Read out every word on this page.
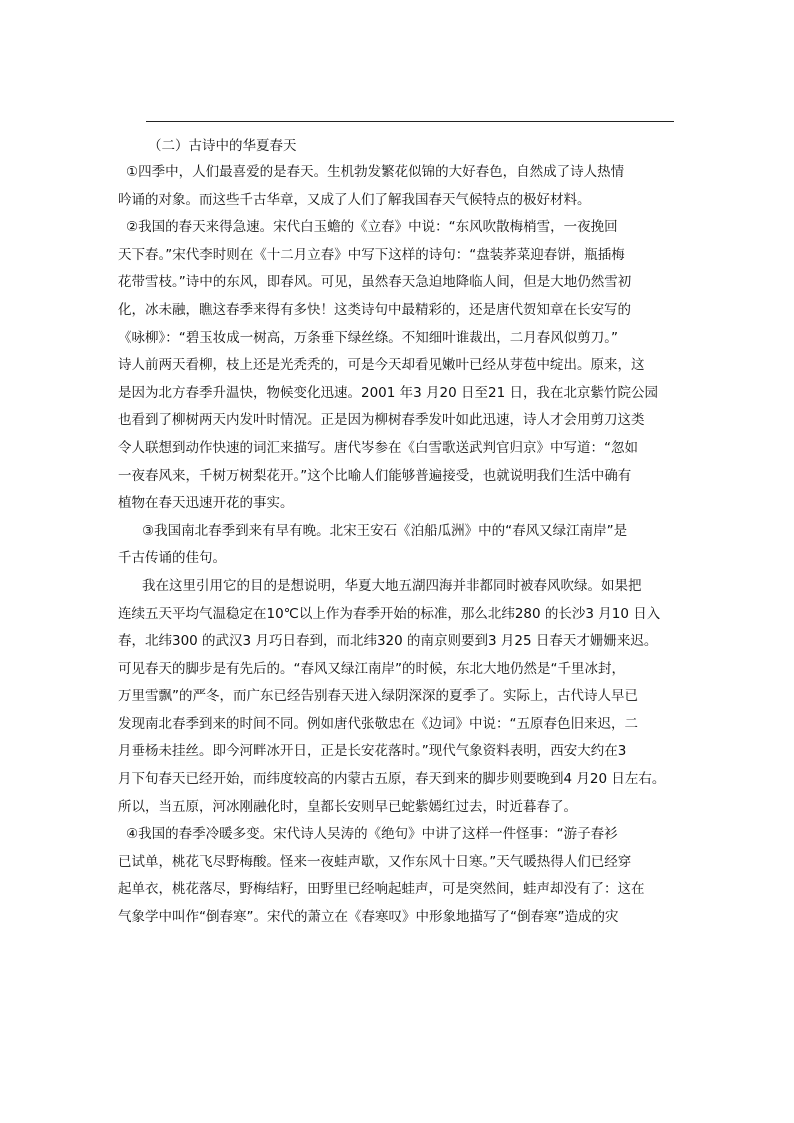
（二）古诗中的华夏春天

①四季中，人们最喜爱的是春天。生机勃发繁花似锦的大好春色，自然成了诗人热情
吟诵的对象。而这些千古华章，又成了人们了解我国春天气候特点的极好材料。

②我国的春天来得急速。宋代白玉蟾的《立春》中说：“东风吹散梅梢雪，一夜挽回
天下春。”宋代李时则在《十二月立春》中写下这样的诗句：“盘装荞菜迎春饼，瓶插梅
花带雪枝。”诗中的东风，即春风。可见，虽然春天急迫地降临人间，但是大地仍然雪初
化，冰未融，瞧这春季来得有多快！这类诗句中最精彩的，还是唐代贺知章在长安写的
《咏柳》：“碧玉妆成一树高，万条垂下绿丝绦。不知细叶谁裁出，二月春风似剪刀。”
诗人前两天看柳，枝上还是光秃秃的，可是今天却看见嫩叶已经从芽苞中绽出。原来，这
是因为北方春季升温快，物候变化迅速。2001 年3 月20 日至21 日，我在北京紫竹院公园
也看到了柳树两天内发叶时情况。正是因为柳树春季发叶如此迅速，诗人才会用剪刀这类
令人联想到动作快速的词汇来描写。唐代岑参在《白雪歌送武判官归京》中写道：“忽如
一夜春风来，千树万树梨花开。”这个比喻人们能够普遍接受，也就说明我们生活中确有
植物在春天迅速开花的事实。

③我国南北春季到来有早有晚。北宋王安石《泊船瓜洲》中的“春风又绿江南岸”是
千古传诵的佳句。

我在这里引用它的目的是想说明，华夏大地五湖四海并非都同时被春风吹绿。如果把
连续五天平均气温稳定在10℃以上作为春季开始的标准，那么北纬280 的长沙3 月10 日入
春，北纬300 的武汉3 月巧日春到，而北纬320 的南京则要到3 月25 日春天才姗姗来迟。
可见春天的脚步是有先后的。“春风又绿江南岸”的时候，东北大地仍然是“千里冰封，
万里雪飘”的严冬，而广东已经告别春天进入绿阴深深的夏季了。实际上，古代诗人早已
发现南北春季到来的时间不同。例如唐代张敬忠在《边词》中说：“五原春色旧来迟，二
月垂杨未挂丝。即今河畔冰开日，正是长安花落时。”现代气象资料表明，西安大约在3
月下旬春天已经开始，而纬度较高的内蒙古五原，春天到来的脚步则要晚到4 月20 日左右。
所以，当五原，河冰刚融化时，皇都长安则早已蛇紫嫣红过去，时近暮春了。

④我国的春季冷暖多变。宋代诗人吴涛的《绝句》中讲了这样一件怪事：“游子春衫
已试单，桃花飞尽野梅酸。怪来一夜蛙声歇，又作东风十日寒。”天气暖热得人们已经穿
起单衣，桃花落尽，野梅结籽，田野里已经响起蛙声，可是突然间，蛙声却没有了：这在
气象学中叫作“倒春寒”。宋代的萧立在《春寒叹》中形象地描写了“倒春寒”造成的灾
